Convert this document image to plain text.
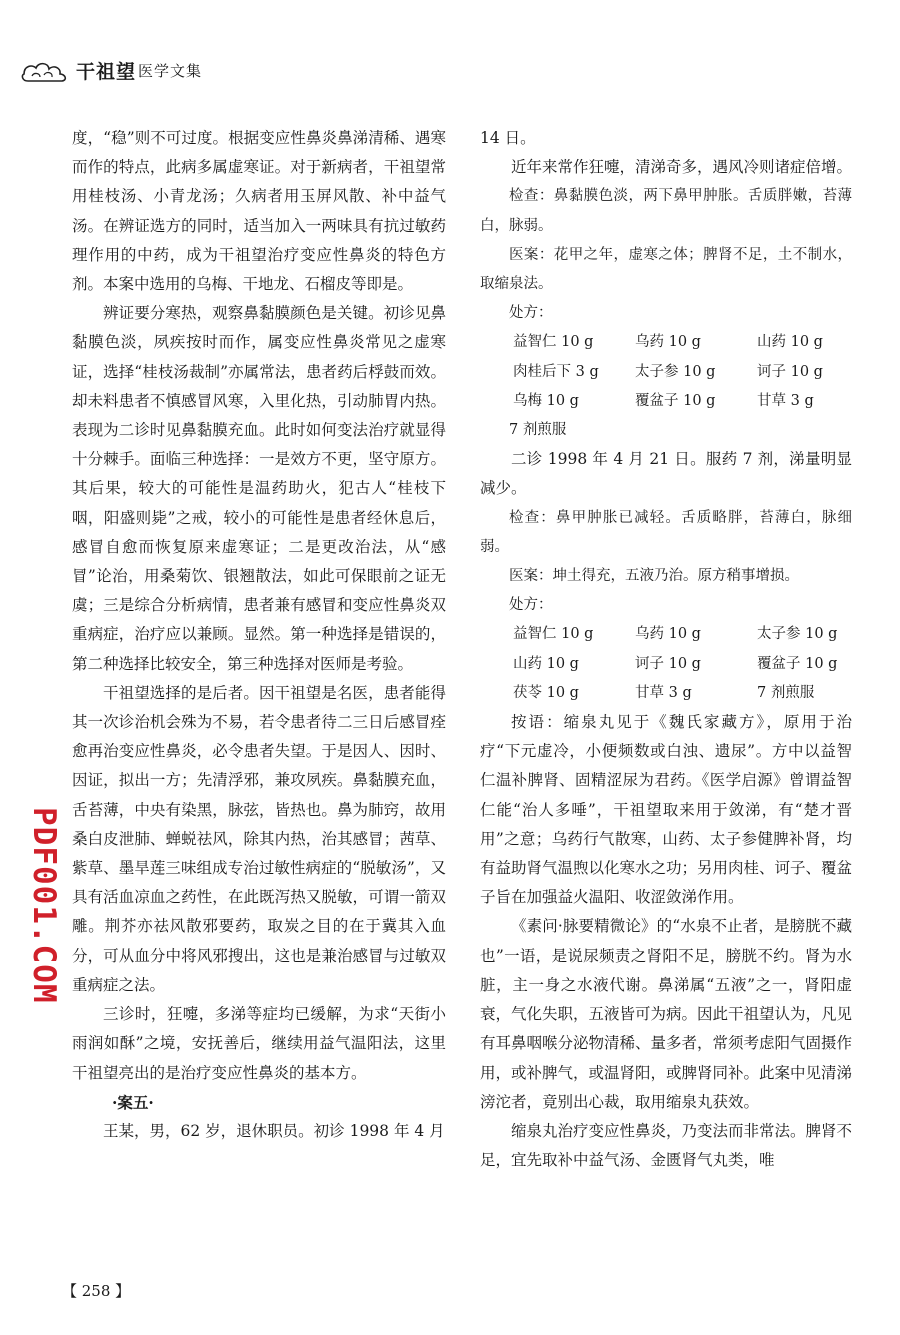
干祖望 医学文集

度，“稳”则不可过度。根据变应性鼻炎鼻涕清稀、遇寒而作的特点，此病多属虚寒证。对于新病者，干祖望常用桂枝汤、小青龙汤；久病者用玉屏风散、补中益气汤。在辨证选方的同时，适当加入一两味具有抗过敏药理作用的中药，成为干祖望治疗变应性鼻炎的特色方剂。本案中选用的乌梅、干地龙、石榴皮等即是。

辨证要分寒热，观察鼻黏膜颜色是关键。初诊见鼻黏膜色淡，夙疾按时而作，属变应性鼻炎常见之虚寒证，选择“桂枝汤裁制”亦属常法，患者药后桴鼓而效。却未料患者不慎感冒风寒，入里化热，引动肺胃内热。表现为二诊时见鼻黏膜充血。此时如何变法治疗就显得十分棘手。面临三种选择：一是效方不更，坚守原方。其后果，较大的可能性是温药助火，犯古人“桂枝下咽，阳盛则毙”之戒，较小的可能性是患者经休息后，感冒自愈而恢复原来虚寒证；二是更改治法，从“感冒”论治，用桑菊饮、银翘散法，如此可保眼前之证无虞；三是综合分析病情，患者兼有感冒和变应性鼻炎双重病症，治疗应以兼顾。显然。第一种选择是错误的，第二种选择比较安全，第三种选择对医师是考验。

干祖望选择的是后者。因干祖望是名医，患者能得其一次诊治机会殊为不易，若令患者待二三日后感冒痊愈再治变应性鼻炎，必令患者失望。于是因人、因时、因证，拟出一方；先清浮邪，兼攻夙疾。鼻黏膜充血，舌苔薄，中央有染黑，脉弦，皆热也。鼻为肺窍，故用桑白皮泄肺、蝉蜕祛风，除其内热，治其感冒；茜草、紫草、墨旱莲三味组成专治过敏性病症的“脱敏汤”，又具有活血凉血之药性，在此既泻热又脱敏，可谓一箭双雕。荆芥亦祛风散邪要药，取炭之目的在于冀其入血分，可从血分中将风邪搜出，这也是兼治感冒与过敏双重病症之法。

三诊时，狂嚏，多涕等症均已缓解，为求“天街小雨润如酥”之境，安抚善后，继续用益气温阳法，这里干祖望亮出的是治疗变应性鼻炎的基本方。

·案五·

王某，男，62 岁，退休职员。初诊 1998 年 4 月

14 日。

近年来常作狂嚏，清涕奇多，遇风冷则诸症倍增。

检查：鼻黏膜色淡，两下鼻甲肿胀。舌质胖嫩，苔薄白，脉弱。

医案：花甲之年，虚寒之体；脾肾不足，土不制水，取缩泉法。

处方：

益智仁 10 g	乌药 10 g	山药 10 g
肉桂后下 3 g	太子参 10 g	诃子 10 g
乌梅 10 g	覆盆子 10 g	甘草 3 g

7 剂煎服

二诊 1998 年 4 月 21 日。服药 7 剂，涕量明显减少。

检查：鼻甲肿胀已减轻。舌质略胖，苔薄白，脉细弱。

医案：坤土得充，五液乃治。原方稍事增损。

处方：

益智仁 10 g	乌药 10 g	太子参 10 g
山药 10 g	诃子 10 g	覆盆子 10 g
茯苓 10 g	甘草 3 g	7 剂煎服

按语：缩泉丸见于《魏氏家藏方》，原用于治疗“下元虚冷，小便频数或白浊、遗尿”。方中以益智仁温补脾肾、固精涩尿为君药。《医学启源》曾谓益智仁能“治人多唾”，干祖望取来用于敛涕，有“楚才晋用”之意；乌药行气散寒，山药、太子参健脾补肾，均有益助肾气温煦以化寒水之功；另用肉桂、诃子、覆盆子旨在加强益火温阳、收涩敛涕作用。

《素问·脉要精微论》的“水泉不止者，是膀胱不藏也”一语，是说尿频责之肾阳不足，膀胱不约。肾为水脏，主一身之水液代谢。鼻涕属“五液”之一，肾阳虚衰，气化失职，五液皆可为病。因此干祖望认为，凡见有耳鼻咽喉分泌物清稀、量多者，常须考虑阳气固摄作用，或补脾气，或温肾阳，或脾肾同补。此案中见清涕滂沱者，竟别出心裁，取用缩泉丸获效。

缩泉丸治疗变应性鼻炎，乃变法而非常法。脾肾不足，宜先取补中益气汤、金匮肾气丸类，唯

PDF001.COM
【 258 】
